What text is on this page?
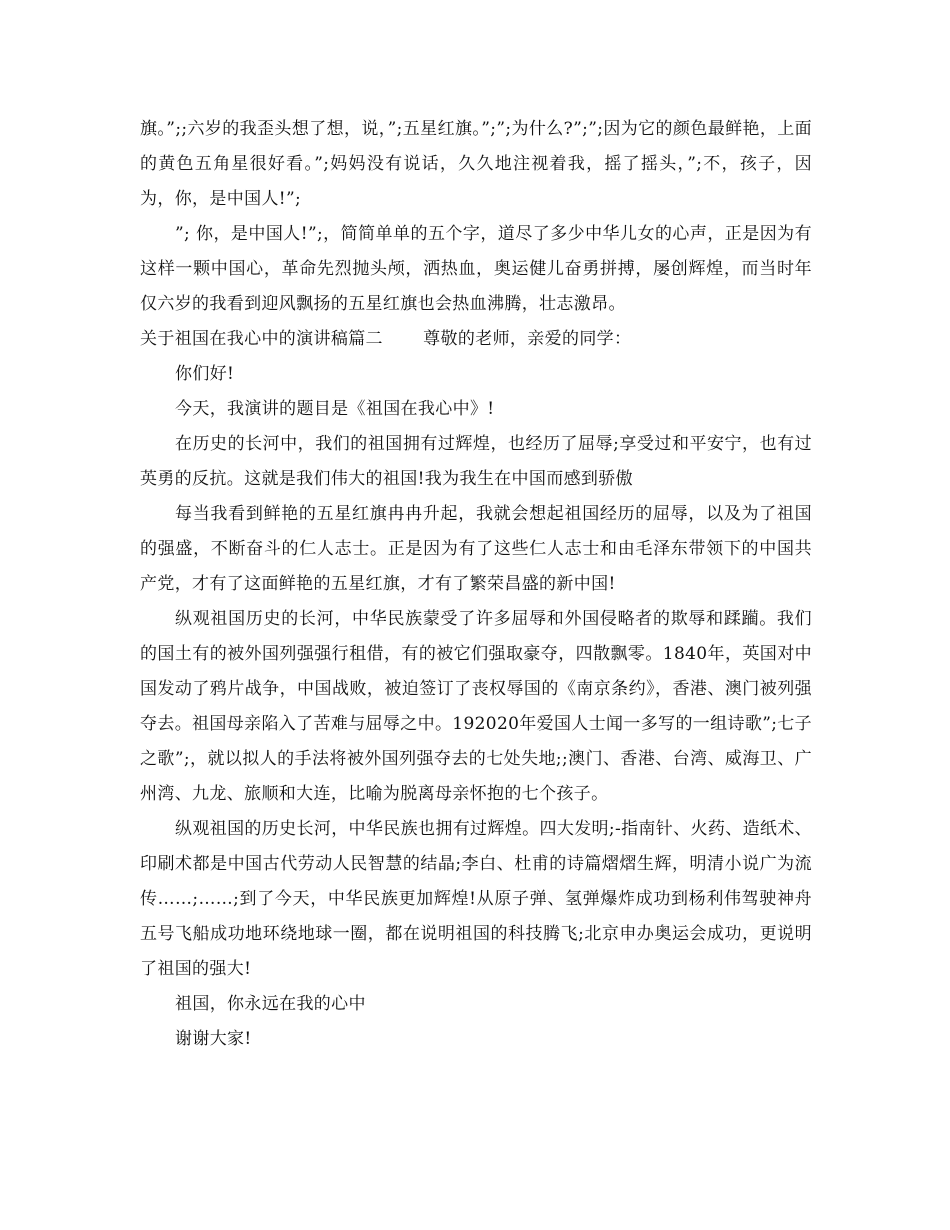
旗。”;;六岁的我歪头想了想，说，”;五星红旗。”;”;为什么?”;”;因为它的颜色最鲜艳，上面的黄色五角星很好看。”;妈妈没有说话，久久地注视着我，摇了摇头，”;不，孩子，因为，你，是中国人!”;

”; 你，是中国人!”;，简简单单的五个字，道尽了多少中华儿女的心声，正是因为有这样一颗中国心，革命先烈抛头颅，洒热血，奥运健儿奋勇拼搏，屡创辉煌，而当时年仅六岁的我看到迎风飘扬的五星红旗也会热血沸腾，壮志激昂。

关于祖国在我心中的演讲稿篇二       尊敬的老师，亲爱的同学：

你们好!

今天，我演讲的题目是《祖国在我心中》!

在历史的长河中，我们的祖国拥有过辉煌，也经历了屈辱;享受过和平安宁，也有过英勇的反抗。这就是我们伟大的祖国!我为我生在中国而感到骄傲

每当我看到鲜艳的五星红旗冉冉升起，我就会想起祖国经历的屈辱，以及为了祖国的强盛，不断奋斗的仁人志士。正是因为有了这些仁人志士和由毛泽东带领下的中国共产党，才有了这面鲜艳的五星红旗，才有了繁荣昌盛的新中国!

纵观祖国历史的长河，中华民族蒙受了许多屈辱和外国侵略者的欺辱和蹂躏。我们的国土有的被外国列强强行租借，有的被它们强取豪夺，四散飘零。1840年，英国对中国发动了鸦片战争，中国战败，被迫签订了丧权辱国的《南京条约》，香港、澳门被列强夺去。祖国母亲陷入了苦难与屈辱之中。192020年爱国人士闻一多写的一组诗歌”;七子之歌”;，就以拟人的手法将被外国列强夺去的七处失地;;澳门、香港、台湾、威海卫、广州湾、九龙、旅顺和大连，比喻为脱离母亲怀抱的七个孩子。

纵观祖国的历史长河，中华民族也拥有过辉煌。四大发明;-指南针、火药、造纸术、印刷术都是中国古代劳动人民智慧的结晶;李白、杜甫的诗篇熠熠生辉，明清小说广为流传……;……;到了今天，中华民族更加辉煌!从原子弹、氢弹爆炸成功到杨利伟驾驶神舟五号飞船成功地环绕地球一圈，都在说明祖国的科技腾飞;北京申办奥运会成功，更说明了祖国的强大!

祖国，你永远在我的心中

谢谢大家!
